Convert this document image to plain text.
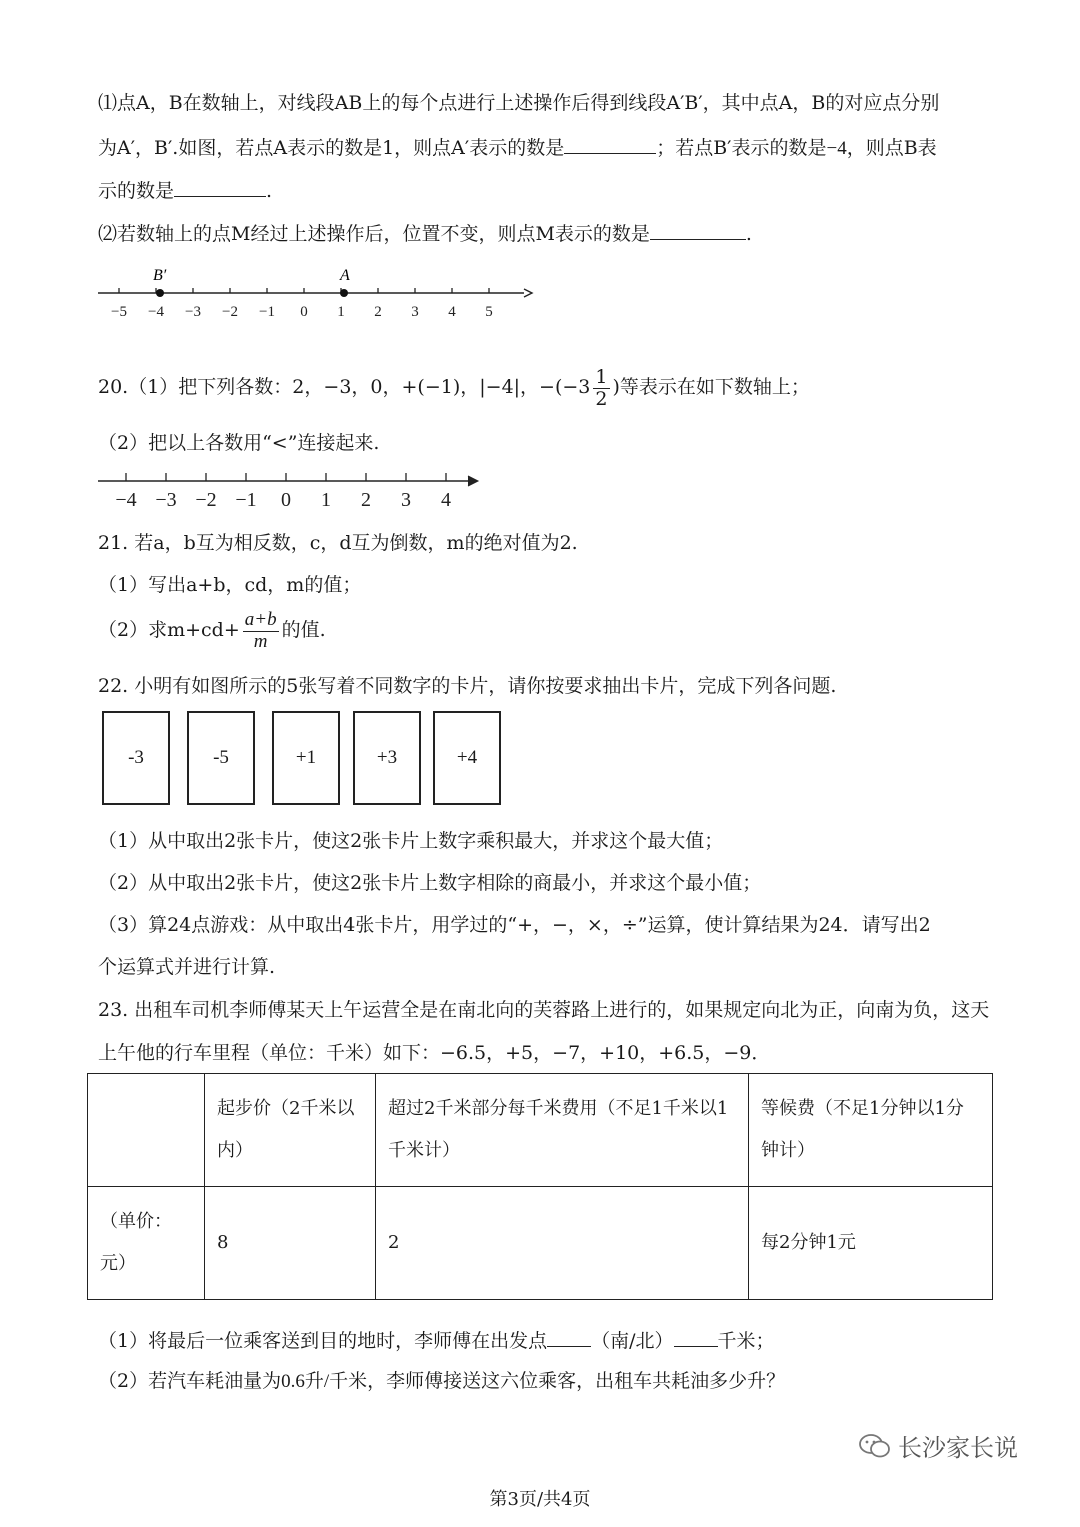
⑴点A，B在数轴上，对线段AB上的每个点进行上述操作后得到线段A′B′，其中点A，B的对应点分别
为A′，B′.如图，若点A表示的数是1，则点A′表示的数是	；若点B′表示的数是−4，则点B表
示的数是	.
⑵若数轴上的点M经过上述操作后，位置不变，则点M表示的数是	.
−5 −4 −3 −2 −1 0 1 2 3 4 5
B′	A
20.（1）把下列各数：2，−3，0，+(−1)，|−4|，$-(-3 \frac{1}{2}$ )等表示在如下数轴上；
（2）把以上各数用“<”连接起来.
−4 −3 −2 −1 0 1 2 3 4
21. 若a，b互为相反数，c，d互为倒数，m的绝对值为2.
（1）写出a+b，cd，m的值；
（2）求$m+cd+ \frac{a+b}{m}$ 的值.
22. 小明有如图所示的5张写着不同数字的卡片，请你按要求抽出卡片，完成下列各问题.
-3	-5	+1	+3	+4
（1）从中取出2张卡片，使这2张卡片上数字乘积最大，并求这个最大值；
（2）从中取出2张卡片，使这2张卡片上数字相除的商最小，并求这个最小值；
（3）算24点游戏：从中取出4张卡片，用学过的“+，−，×，÷”运算，使计算结果为24．请写出2
个运算式并进行计算.
23. 出租车司机李师傅某天上午运营全是在南北向的芙蓉路上进行的，如果规定向北为正，向南为负，这天
上午他的行车里程（单位：千米）如下：−6.5，+5，−7，+10，+6.5，−9．
	起步价（2千米以内）	超过2千米部分每千米费用（不足1千米以1千米计）	等候费（不足1分钟以1分钟计）
（单价：元）	8	2	每2分钟1元
（1）将最后一位乘客送到目的地时，李师傅在出发点 （南/北） 千米；
（2）若汽车耗油量为0.6升/千米，李师傅接送这六位乘客，出租车共耗油多少升？
长沙家长说
第3页/共4页
